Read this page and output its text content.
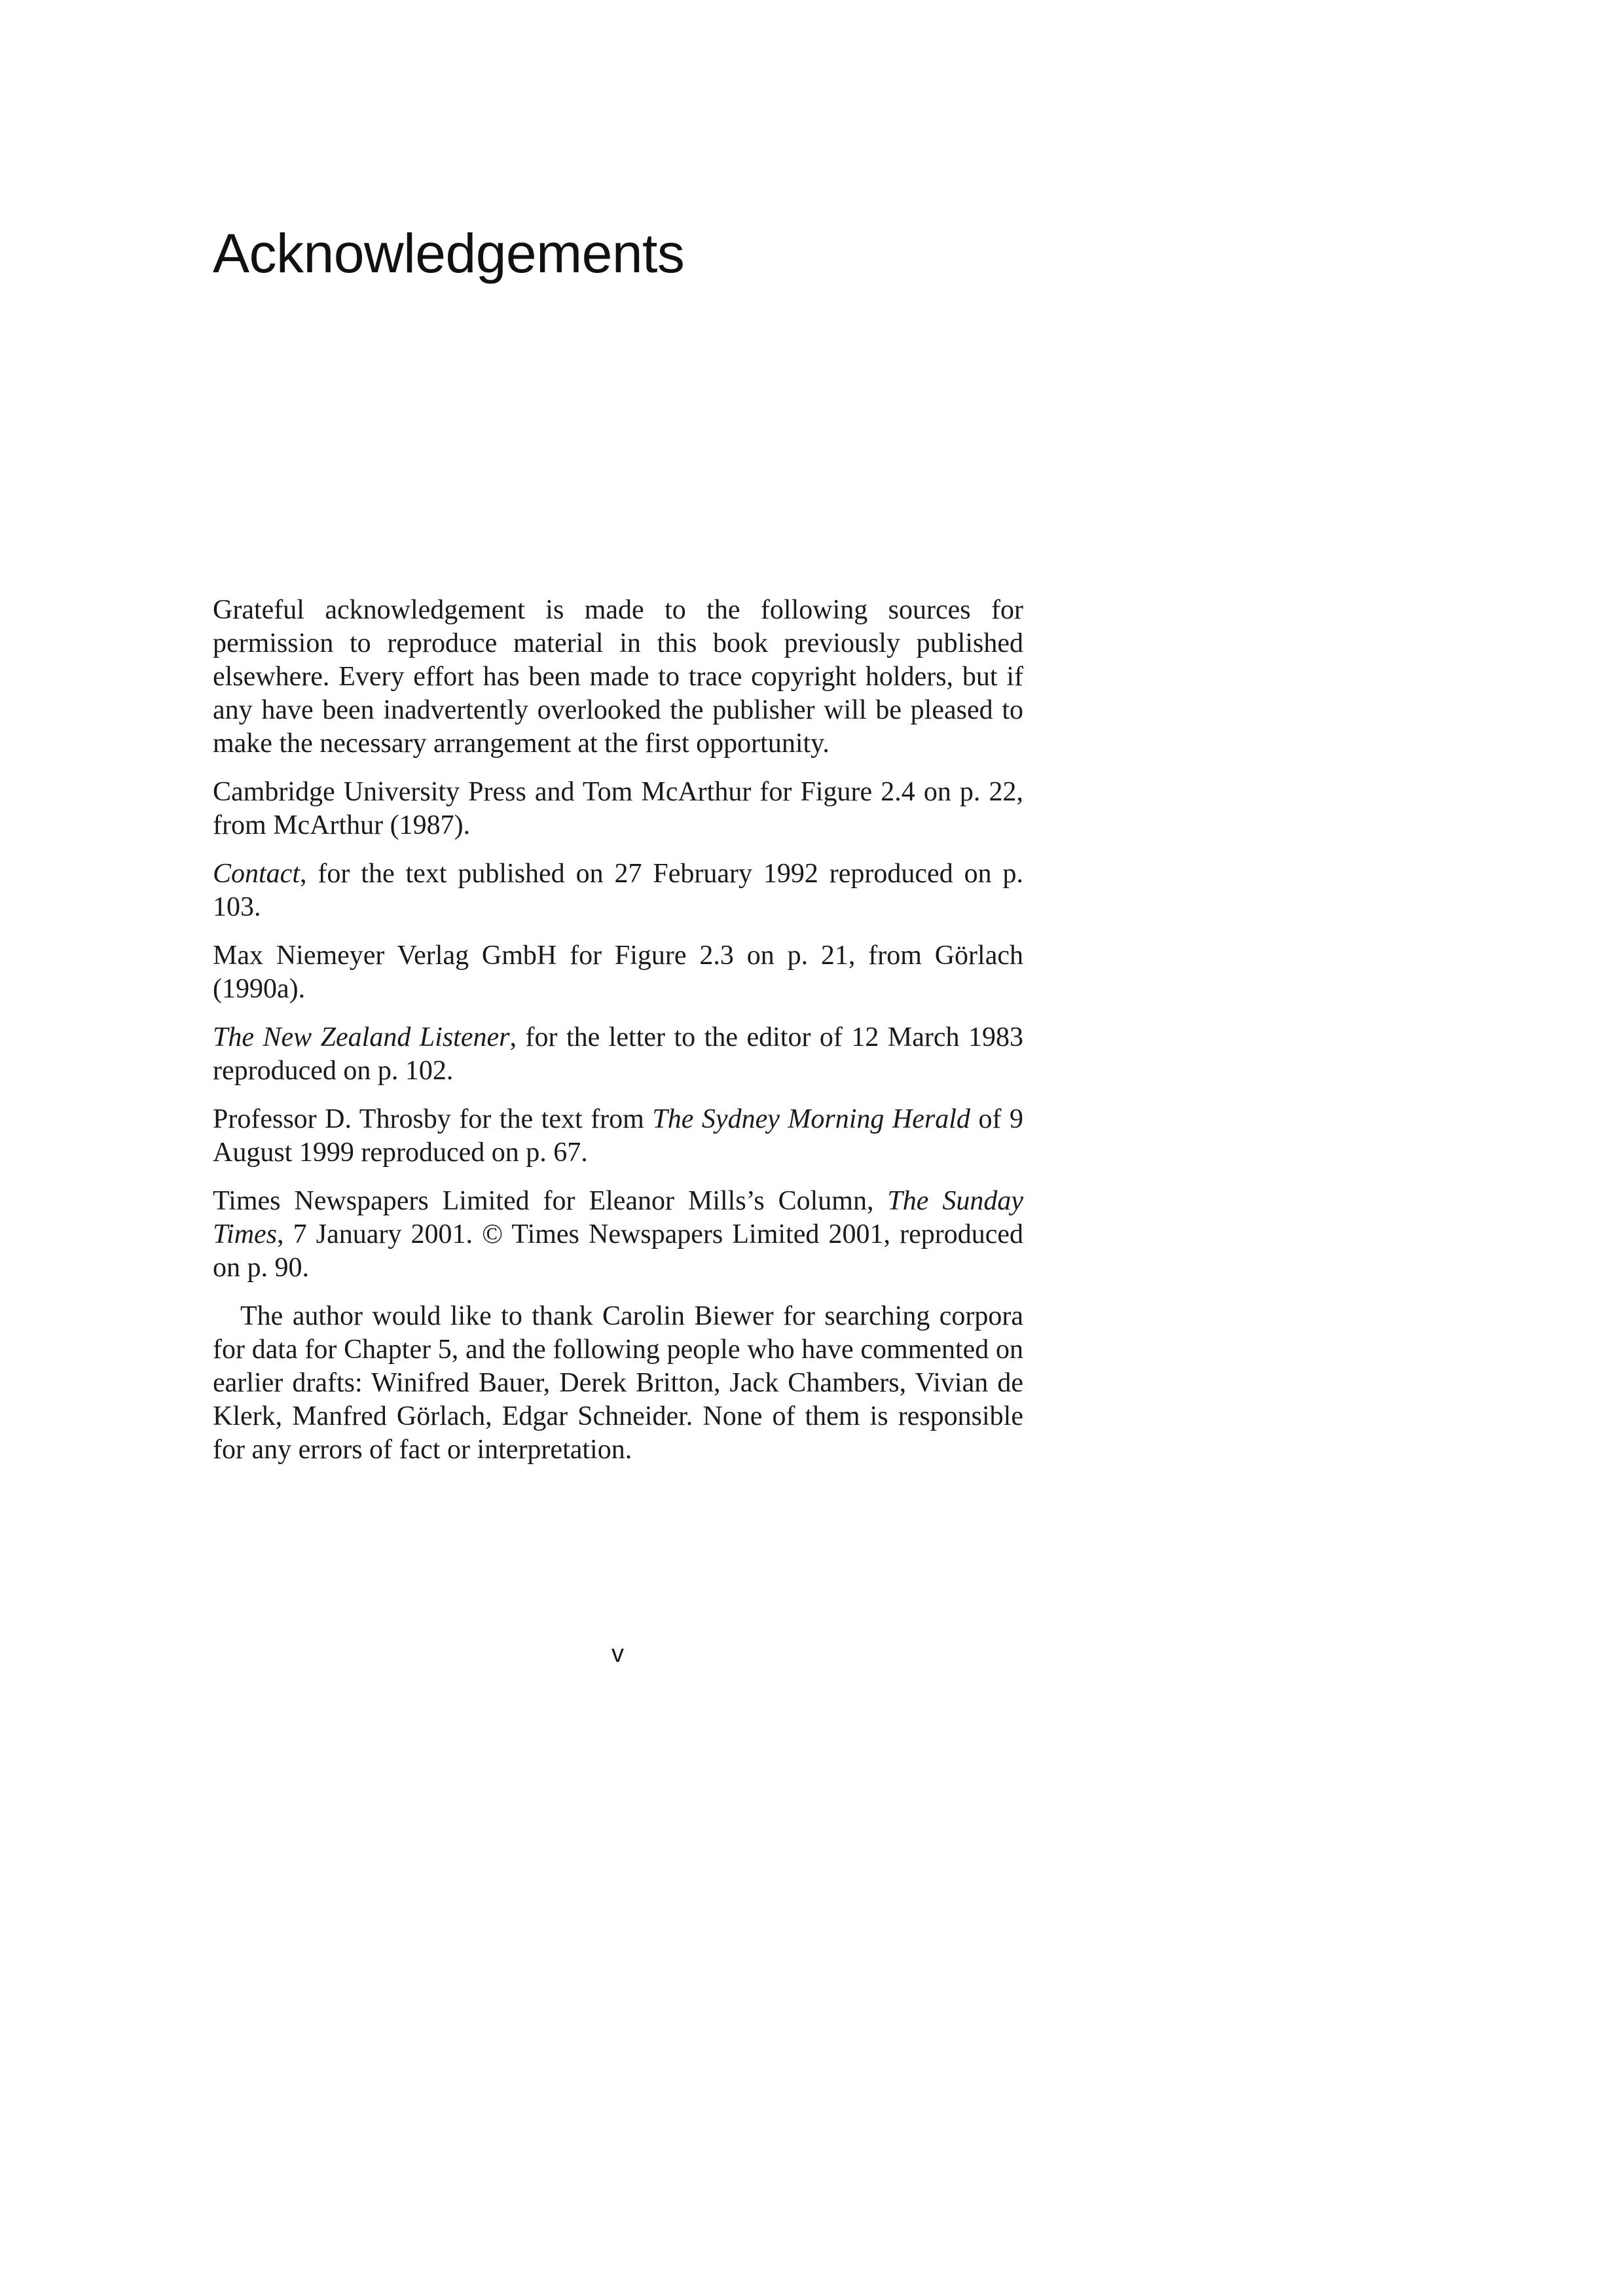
Acknowledgements

Grateful acknowledgement is made to the following sources for permission to reproduce material in this book previously published elsewhere. Every effort has been made to trace copyright holders, but if any have been inadvertently overlooked the publisher will be pleased to make the necessary arrangement at the first opportunity.

Cambridge University Press and Tom McArthur for Figure 2.4 on p. 22, from McArthur (1987).

Contact, for the text published on 27 February 1992 reproduced on p. 103.

Max Niemeyer Verlag GmbH for Figure 2.3 on p. 21, from Görlach (1990a).

The New Zealand Listener, for the letter to the editor of 12 March 1983 reproduced on p. 102.

Professor D. Throsby for the text from The Sydney Morning Herald of 9 August 1999 reproduced on p. 67.

Times Newspapers Limited for Eleanor Mills’s Column, The Sunday Times, 7 January 2001. © Times Newspapers Limited 2001, reproduced on p. 90.

The author would like to thank Carolin Biewer for searching corpora for data for Chapter 5, and the following people who have commented on earlier drafts: Winifred Bauer, Derek Britton, Jack Chambers, Vivian de Klerk, Manfred Görlach, Edgar Schneider. None of them is responsible for any errors of fact or interpretation.

v
